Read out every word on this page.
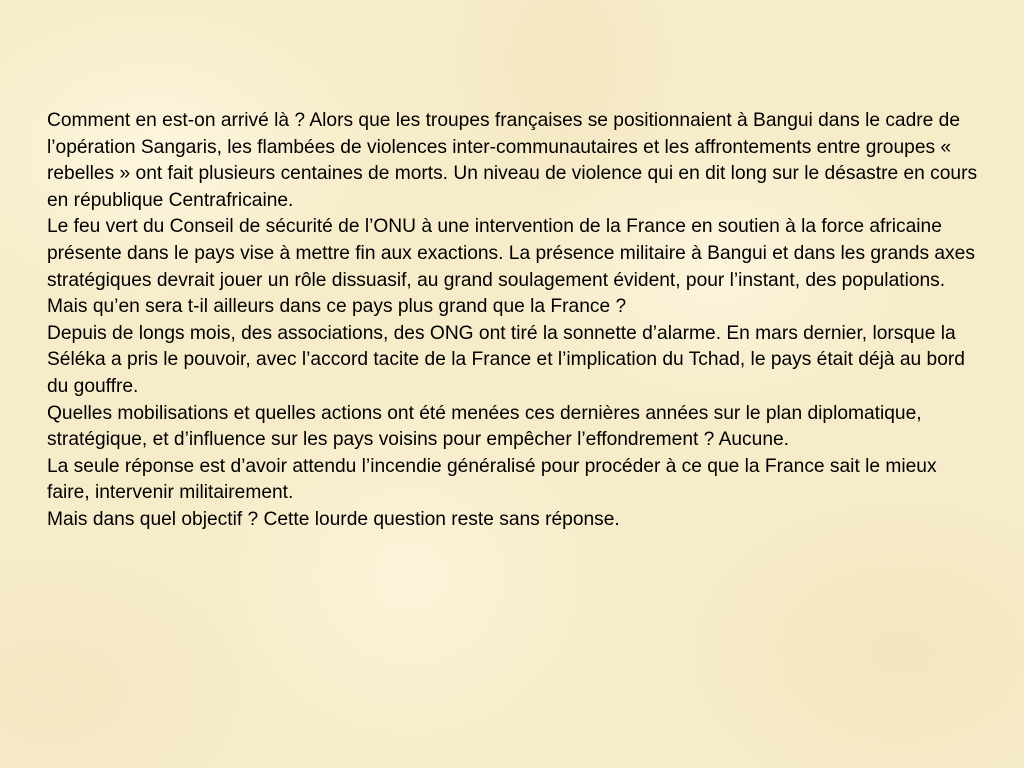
Comment en est-on arrivé là ? Alors que les troupes françaises se positionnaient à Bangui dans le cadre de l’opération Sangaris, les flambées de violences inter-communautaires et les affrontements entre groupes « rebelles » ont fait plusieurs centaines de morts. Un niveau de violence qui en dit long sur le désastre en cours en république Centrafricaine.

Le feu vert du Conseil de sécurité de l’ONU à une intervention de la France en soutien à la force africaine présente dans le pays vise à mettre fin aux exactions. La présence militaire à Bangui et dans les grands axes stratégiques devrait jouer un rôle dissuasif, au grand soulagement évident, pour l’instant, des populations. Mais qu’en sera t-il ailleurs dans ce pays plus grand que la France ?

Depuis de longs mois, des associations, des ONG ont tiré la sonnette d’alarme. En mars dernier, lorsque la Séléka a pris le pouvoir, avec l’accord tacite de la France et l’implication du Tchad, le pays était déjà au bord du gouffre.

Quelles mobilisations et quelles actions ont été menées ces dernières années sur le plan diplomatique, stratégique, et d’influence sur les pays voisins pour empêcher l’effondrement ? Aucune.

La seule réponse est d’avoir attendu l’incendie généralisé pour procéder à ce que la France sait le mieux faire, intervenir militairement.

Mais dans quel objectif ? Cette lourde question reste sans réponse.
